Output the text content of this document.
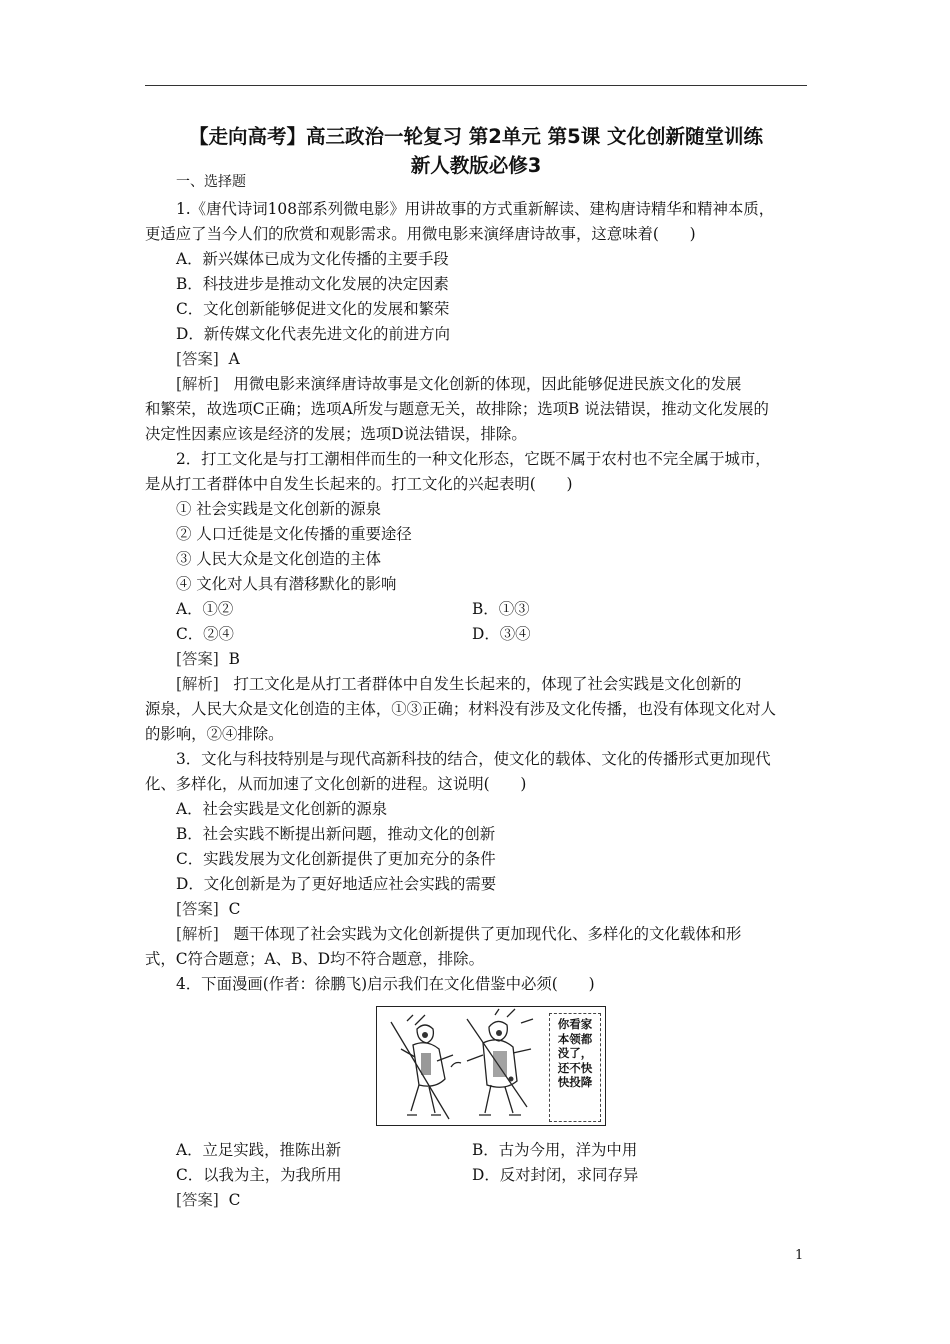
【走向高考】高三政治一轮复习 第2单元 第5课 文化创新随堂训练
新人教版必修3
一、选择题
1.《唐代诗词108部系列微电影》用讲故事的方式重新解读、建构唐诗精华和精神本质，
更适应了当今人们的欣赏和观影需求。用微电影来演绎唐诗故事，这意味着(　　)
A．新兴媒体已成为文化传播的主要手段
B．科技进步是推动文化发展的决定因素
C．文化创新能够促进文化的发展和繁荣
D．新传媒文化代表先进文化的前进方向
[答案] A
[解析] 用微电影来演绎唐诗故事是文化创新的体现，因此能够促进民族文化的发展
和繁荣，故选项C正确；选项A所发与题意无关，故排除；选项B 说法错误，推动文化发展的
决定性因素应该是经济的发展；选项D说法错误，排除。
2．打工文化是与打工潮相伴而生的一种文化形态，它既不属于农村也不完全属于城市，
是从打工者群体中自发生长起来的。打工文化的兴起表明(　　)
① 社会实践是文化创新的源泉
② 人口迁徙是文化传播的重要途径
③ 人民大众是文化创造的主体
④ 文化对人具有潜移默化的影响
A．①②	B．①③
C．②④	D．③④
[答案] B
[解析] 打工文化是从打工者群体中自发生长起来的，体现了社会实践是文化创新的
源泉，人民大众是文化创造的主体，①③正确；材料没有涉及文化传播，也没有体现文化对人
的影响，②④排除。
3．文化与科技特别是与现代高新科技的结合，使文化的载体、文化的传播形式更加现代
化、多样化，从而加速了文化创新的进程。这说明(　　)
A．社会实践是文化创新的源泉
B．社会实践不断提出新问题，推动文化的创新
C．实践发展为文化创新提供了更加充分的条件
D．文化创新是为了更好地适应社会实践的需要
[答案] C
[解析] 题干体现了社会实践为文化创新提供了更加现代化、多样化的文化载体和形
式，C符合题意；A、B、D均不符合题意，排除。
4．下面漫画(作者：徐鹏飞)启示我们在文化借鉴中必须(　　)
你看家
本领都
没了，
还不快
快投降
A．立足实践，推陈出新	B．古为今用，洋为中用
C．以我为主，为我所用	D．反对封闭，求同存异
[答案] C
1
